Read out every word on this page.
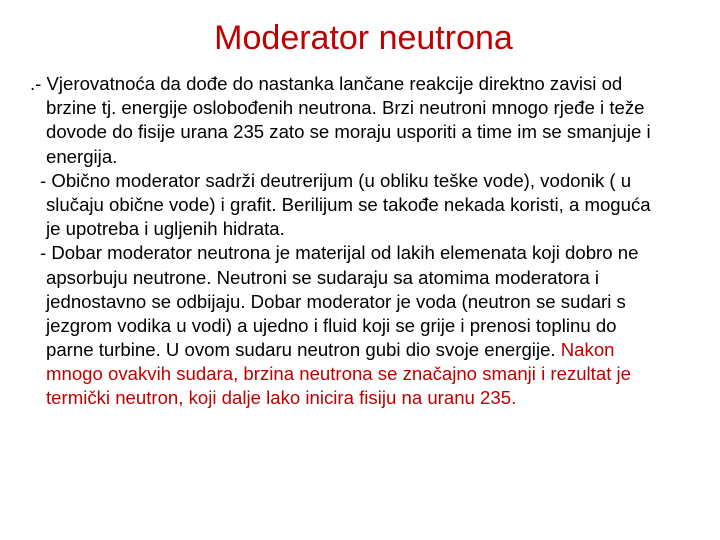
Moderator neutrona
.- Vjerovatnoća da dođe do nastanka lančane reakcije direktno zavisi od
brzine tj. energije oslobođenih neutrona. Brzi neutroni mnogo rjeđe i teže
dovode do fisije urana 235 zato se moraju usporiti a time im se smanjuje i
energija.
- Obično moderator sadrži deutrerijum (u obliku teške vode), vodonik ( u
slučaju obične vode) i grafit. Berilijum se takođe nekada koristi, a moguća
je upotreba i ugljenih hidrata.
- Dobar moderator neutrona je materijal od lakih elemenata koji dobro ne
apsorbuju neutrone. Neutroni se sudaraju sa atomima moderatora i
jednostavno se odbijaju. Dobar moderator je voda (neutron se sudari s
jezgrom vodika u vodi) a ujedno i fluid koji se grije i prenosi toplinu do
parne turbine. U ovom sudaru neutron gubi dio svoje energije. Nakon
mnogo ovakvih sudara, brzina neutrona se značajno smanji i rezultat je
termički neutron, koji dalje lako inicira fisiju na uranu 235.
